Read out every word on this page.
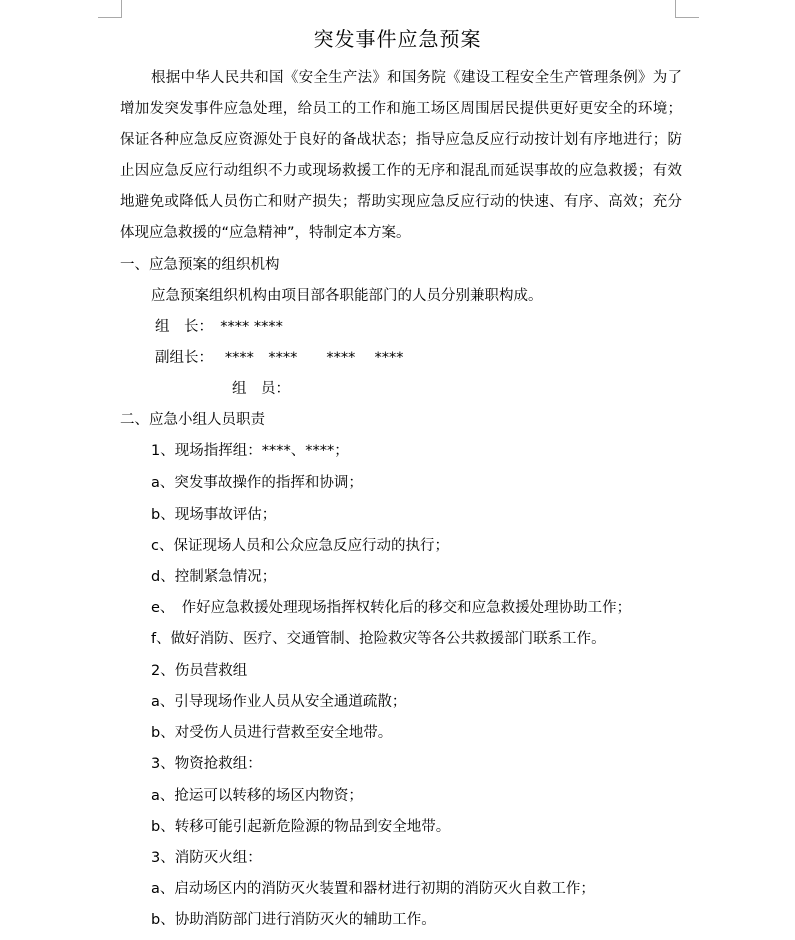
突发事件应急预案

根据中华人民共和国《安全生产法》和国务院《建设工程安全生产管理条例》为了增加发突发事件应急处理，给员工的工作和施工场区周围居民提供更好更安全的环境；保证各种应急反应资源处于良好的备战状态；指导应急反应行动按计划有序地进行；防止因应急反应行动组织不力或现场救援工作的无序和混乱而延误事故的应急救援；有效地避免或降低人员伤亡和财产损失；帮助实现应急反应行动的快速、有序、高效；充分体现应急救援的“应急精神”，特制定本方案。

一、应急预案的组织机构
应急预案组织机构由项目部各职能部门的人员分别兼职构成。
组　长：　**** ****
副组长：　 ****　****　　****　 ****
组　员：
二、应急小组人员职责
1、现场指挥组：****、****；
a、突发事故操作的指挥和协调；
b、现场事故评估；
c、保证现场人员和公众应急反应行动的执行；
d、控制紧急情况；
e、　作好应急救援处理现场指挥权转化后的移交和应急救援处理协助工作；
f、做好消防、医疗、交通管制、抢险救灾等各公共救援部门联系工作。
2、伤员营救组
a、引导现场作业人员从安全通道疏散；
b、对受伤人员进行营救至安全地带。
3、物资抢救组：
a、抢运可以转移的场区内物资；
b、转移可能引起新危险源的物品到安全地带。
3、消防灭火组：
a、启动场区内的消防灭火装置和器材进行初期的消防灭火自救工作；
b、协助消防部门进行消防灭火的辅助工作。
